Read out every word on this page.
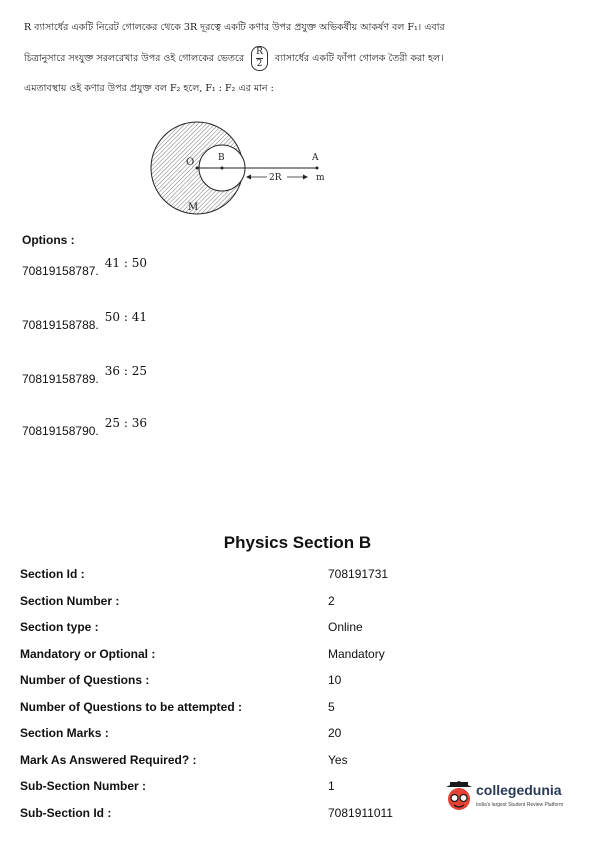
R ব্যাসার্ধের একটি নিরেট গোলকের থেকে 3R দূরত্বে একটি কণার উপর প্রযুক্ত অভিকর্ষীয় আকর্ষণ বল F₁। এবার
চিত্রানুসারে সংযুক্ত সরলরেখার উপর ওই গোলকের ভেতরে $\frac{R}{2}$ ব্যাসার্ধের একটি ফাঁপা গোলক তৈরী করা হল।
এমতাবস্থায় ওই কণার উপর প্রযুক্ত বল F₂ হলে, F₁ : F₂ এর মান :
O	B	A
M
2R	m
Options :
70819158787.41 : 50
70819158788.50 : 41
70819158789.36 : 25
70819158790.25 : 36
Physics Section B
Section Id :	708191731
Section Number :	2
Section type :	Online
Mandatory or Optional :	Mandatory
Number of Questions :	10
Number of Questions to be attempted :	5
Section Marks :	20
Mark As Answered Required? :	Yes
Sub-Section Number :	1
Sub-Section Id :	7081911011
collegedunia
India's largest Student Review Platform
